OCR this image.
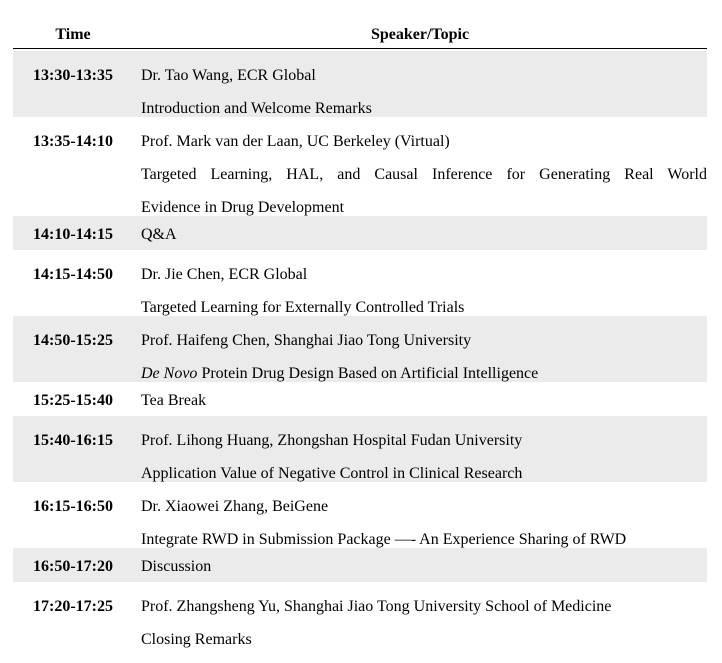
Time	Speaker/Topic
13:30-13:35	Dr. Tao Wang, ECR Global
Introduction and Welcome Remarks
13:35-14:10	Prof. Mark van der Laan, UC Berkeley (Virtual)
Targeted Learning, HAL, and Causal Inference for Generating Real World
Evidence in Drug Development
14:10-14:15	Q&A
14:15-14:50	Dr. Jie Chen, ECR Global
Targeted Learning for Externally Controlled Trials
14:50-15:25	Prof. Haifeng Chen, Shanghai Jiao Tong University
De Novo Protein Drug Design Based on Artificial Intelligence
15:25-15:40	Tea Break
15:40-16:15	Prof. Lihong Huang, Zhongshan Hospital Fudan University
Application Value of Negative Control in Clinical Research
16:15-16:50	Dr. Xiaowei Zhang, BeiGene
Integrate RWD in Submission Package —- An Experience Sharing of RWD
16:50-17:20	Discussion
17:20-17:25	Prof. Zhangsheng Yu, Shanghai Jiao Tong University School of Medicine
Closing Remarks
